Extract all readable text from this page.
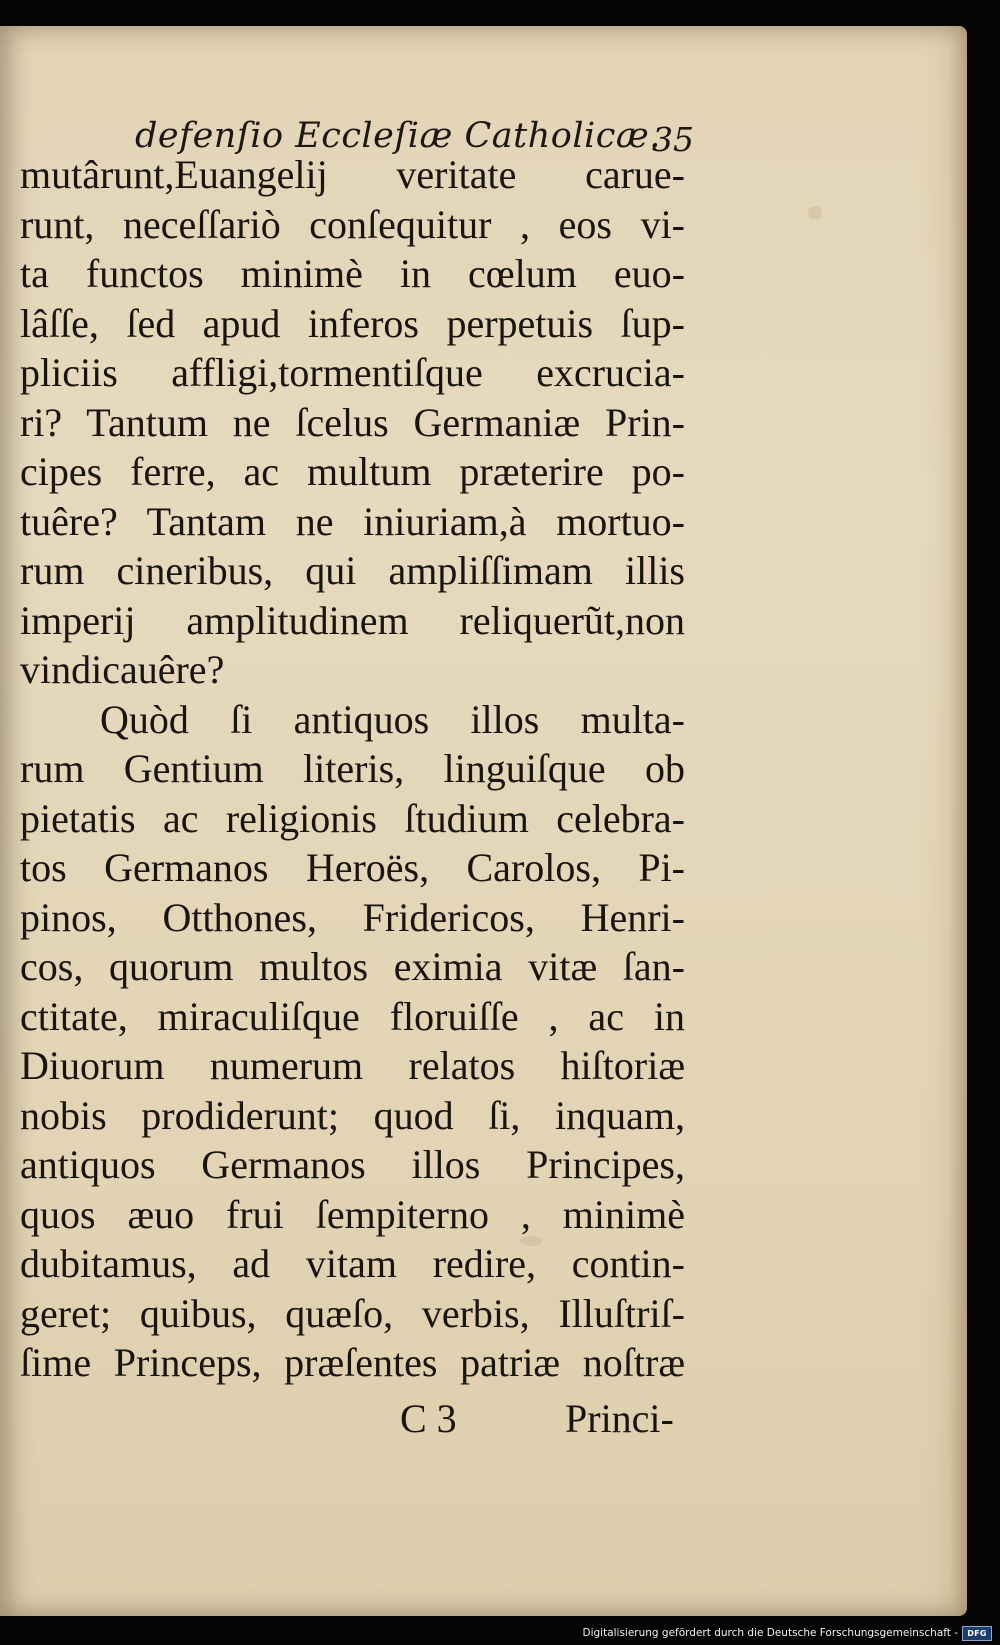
defenſio Eccleſiæ Catholicæ.
35
mutârunt,Euangelij veritate carue-
runt, neceſſariò conſequitur , eos vi-
ta functos minimè in cœlum euo-
lâſſe, ſed apud inferos perpetuis ſup-
pliciis affligi,tormentiſque excrucia-
ri? Tantum ne ſcelus Germaniæ Prin-
cipes ferre, ac multum præterire po-
tuêre? Tantam ne iniuriam,à mortuo-
rum cineribus, qui ampliſſimam illis
imperij amplitudinem reliquerũt,non
vindicauêre?
Quòd ſi antiquos illos multa-
rum Gentium literis, linguiſque ob
pietatis ac religionis ſtudium celebra-
tos Germanos Heroës, Carolos, Pi-
pinos, Otthones, Fridericos, Henri-
cos, quorum multos eximia vitæ ſan-
ctitate, miraculiſque floruiſſe , ac in
Diuorum numerum relatos hiſtoriæ
nobis prodiderunt; quod ſi, inquam,
antiquos Germanos illos Principes,
quos æuo frui ſempiterno , minimè
dubitamus, ad vitam redire, contin-
geret; quibus, quæſo, verbis, Illuſtriſ-
ſime Princeps, præſentes patriæ noſtræ
C 3	Princi-
Digitalisierung gefördert durch die Deutsche Forschungsgemeinschaft -	DFG
